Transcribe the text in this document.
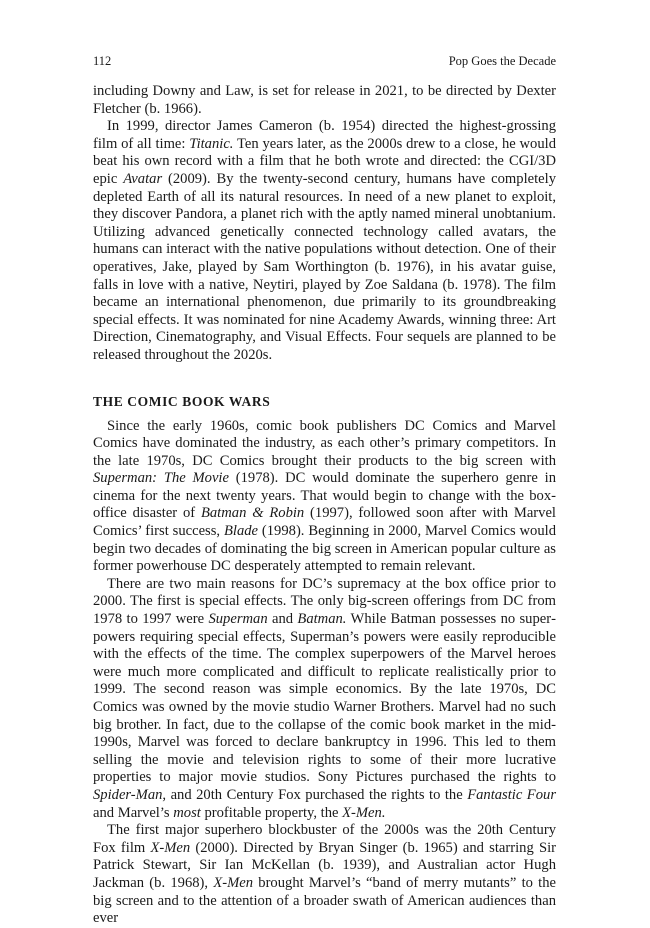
112	Pop Goes the Decade

including Downy and Law, is set for release in 2021, to be directed by Dexter Fletcher (b. 1966).

In 1999, director James Cameron (b. 1954) directed the highest-grossing film of all time: Titanic. Ten years later, as the 2000s drew to a close, he would beat his own record with a film that he both wrote and directed: the CGI/3D epic Avatar (2009). By the twenty-second century, humans have completely depleted Earth of all its natural resources. In need of a new planet to exploit, they discover Pandora, a planet rich with the aptly named mineral unobtanium. Utilizing advanced genetically connected technology called avatars, the humans can interact with the native populations without detection. One of their operatives, Jake, played by Sam Worthington (b. 1976), in his avatar guise, falls in love with a native, Neytiri, played by Zoe Saldana (b. 1978). The film became an international phenomenon, due primarily to its groundbreaking special effects. It was nominated for nine Academy Awards, winning three: Art Direction, Cinematography, and Visual Effects. Four sequels are planned to be released throughout the 2020s.

THE COMIC BOOK WARS

Since the early 1960s, comic book publishers DC Comics and Marvel Comics have dominated the industry, as each other’s primary competitors. In the late 1970s, DC Comics brought their products to the big screen with Superman: The Movie (1978). DC would dominate the superhero genre in cinema for the next twenty years. That would begin to change with the box-office disaster of Batman & Robin (1997), followed soon after with Marvel Comics’ first success, Blade (1998). Beginning in 2000, Marvel Comics would begin two decades of dominating the big screen in American popular culture as former powerhouse DC desperately attempted to remain relevant.

There are two main reasons for DC’s supremacy at the box office prior to 2000. The first is special effects. The only big-screen offerings from DC from 1978 to 1997 were Superman and Batman. While Batman possesses no superpowers requiring special effects, Superman’s powers were easily reproducible with the effects of the time. The complex superpowers of the Marvel heroes were much more complicated and difficult to replicate realistically prior to 1999. The second reason was simple economics. By the late 1970s, DC Comics was owned by the movie studio Warner Brothers. Marvel had no such big brother. In fact, due to the collapse of the comic book market in the mid-1990s, Marvel was forced to declare bankruptcy in 1996. This led to them selling the movie and television rights to some of their more lucrative properties to major movie studios. Sony Pictures purchased the rights to Spider-Man, and 20th Century Fox purchased the rights to the Fantastic Four and Marvel’s most profitable property, the X-Men.

The first major superhero blockbuster of the 2000s was the 20th Century Fox film X-Men (2000). Directed by Bryan Singer (b. 1965) and starring Sir Patrick Stewart, Sir Ian McKellan (b. 1939), and Australian actor Hugh Jackman (b. 1968), X-Men brought Marvel’s “band of merry mutants” to the big screen and to the attention of a broader swath of American audiences than ever
